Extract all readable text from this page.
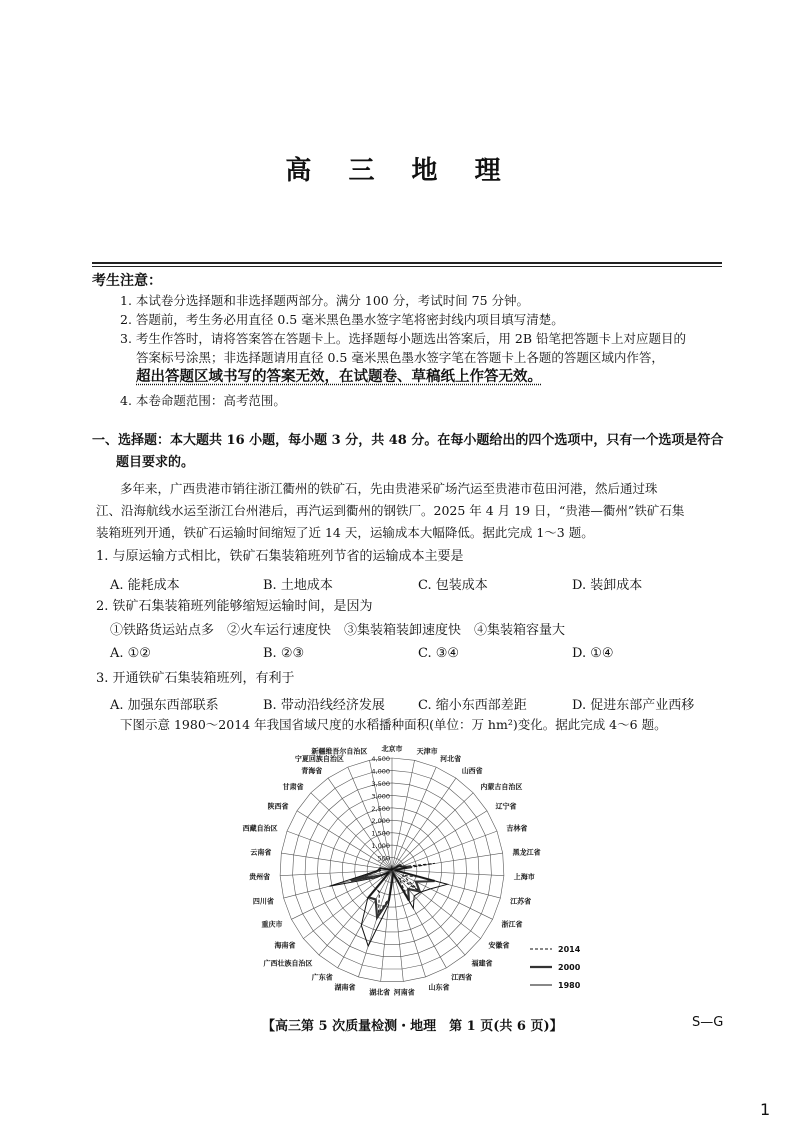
高 三 地 理
考生注意：
1. 本试卷分选择题和非选择题两部分。满分 100 分，考试时间 75 分钟。
2. 答题前，考生务必用直径 0.5 毫米黑色墨水签字笔将密封线内项目填写清楚。
3. 考生作答时，请将答案答在答题卡上。选择题每小题选出答案后，用 2B 铅笔把答题卡上对应题目的
答案标号涂黑；非选择题请用直径 0.5 毫米黑色墨水签字笔在答题卡上各题的答题区域内作答，
超出答题区域书写的答案无效，在试题卷、草稿纸上作答无效。
4. 本卷命题范围：高考范围。
一、选择题：本大题共 16 小题，每小题 3 分，共 48 分。在每小题给出的四个选项中，只有一个选项是符合
题目要求的。
多年来，广西贵港市销往浙江衢州的铁矿石，先由贵港采矿场汽运至贵港市苞田河港，然后通过珠
江、沿海航线水运至浙江台州港后，再汽运到衢州的钢铁厂。2025 年 4 月 19 日，“贵港—衢州”铁矿石集
装箱班列开通，铁矿石运输时间缩短了近 14 天，运输成本大幅降低。据此完成 1～3 题。
1. 与原运输方式相比，铁矿石集装箱班列节省的运输成本主要是
A. 能耗成本	B. 土地成本	C. 包装成本	D. 装卸成本
2. 铁矿石集装箱班列能够缩短运输时间，是因为
①铁路货运站点多　②火车运行速度快　③集装箱装卸速度快　④集装箱容量大
A. ①②	B. ②③	C. ③④	D. ①④
3. 开通铁矿石集装箱班列，有利于
A. 加强东西部联系	B. 带动沿线经济发展	C. 缩小东西部差距	D. 促进东部产业西移
下图示意 1980～2014 年我国省域尺度的水稻播种面积(单位：万 hm²)变化。据此完成 4～6 题。
500
1,000
1,500
2,000
2,500
3,000
3,500
4,000
4,500
北京市 天津市
河北省
山西省
内蒙古自治区
辽宁省
吉林省
黑龙江省
上海市
江苏省
浙江省
安徽省
福建省
江西省
山东省
河南省
湖北省
湖南省
广东省
广西壮族自治区
海南省
重庆市
四川省
贵州省
云南省
西藏自治区
陕西省
甘肃省
青海省
宁夏回族自治区
新疆维吾尔自治区
2014
2000
1980
【高三第 5 次质量检测・地理　第 1 页(共 6 页)】	S—G
1
